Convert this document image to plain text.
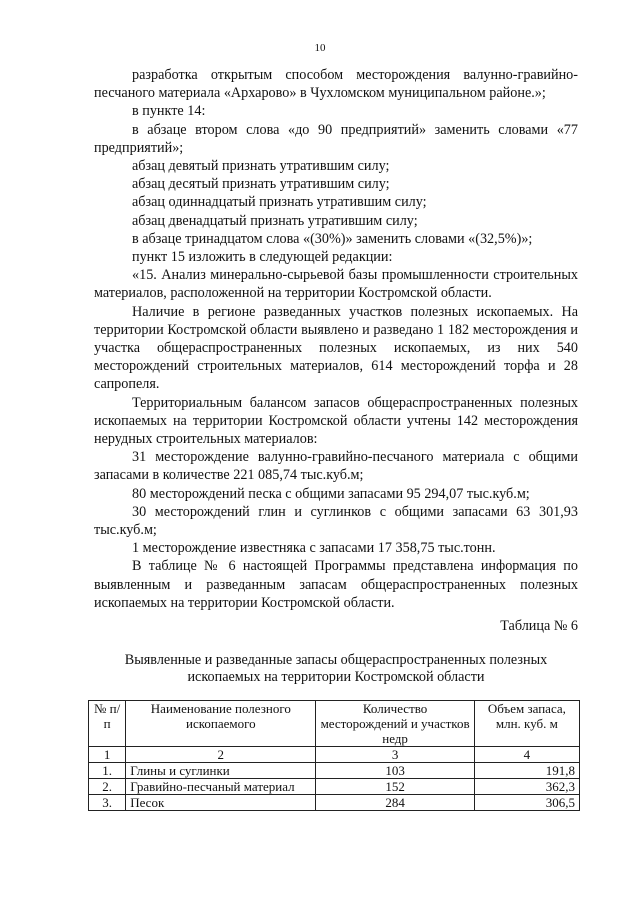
10

разработка открытым способом месторождения валунно-гравийно-песчаного материала «Архарово» в Чухломском муниципальном районе.»;

в пункте 14:

в абзаце втором слова «до 90 предприятий» заменить словами «77 предприятий»;

абзац девятый признать утратившим силу;

абзац десятый признать утратившим силу;

абзац одиннадцатый признать утратившим силу;

абзац двенадцатый признать утратившим силу;

в абзаце тринадцатом слова «(30%)» заменить словами «(32,5%)»;

пункт 15 изложить в следующей редакции:

«15. Анализ минерально-сырьевой базы промышленности строительных материалов, расположенной на территории Костромской области.

Наличие в регионе разведанных участков полезных ископаемых. На территории Костромской области выявлено и разведано 1 182 месторождения и участка общераспространенных полезных ископаемых, из них 540 месторождений строительных материалов, 614 месторождений торфа и 28 сапропеля.

Территориальным балансом запасов общераспространенных полезных ископаемых на территории Костромской области учтены 142 месторождения нерудных строительных материалов:

31 месторождение валунно-гравийно-песчаного материала с общими запасами в количестве 221 085,74 тыс.куб.м;

80 месторождений песка с общими запасами 95 294,07 тыс.куб.м;

30 месторождений глин и суглинков с общими запасами 63 301,93 тыс.куб.м;

1 месторождение известняка с запасами 17 358,75 тыс.тонн.

В таблице № 6 настоящей Программы представлена информация по выявленным и разведанным запасам общераспространенных полезных ископаемых на территории Костромской области.

Таблица № 6
Выявленные и разведанные запасы общераспространенных полезных ископаемых на территории Костромской области
№ п/п	Наименование полезного ископаемого	Количество месторождений и участков недр	Объем запаса, млн. куб. м
1	2	3	4
1.	Глины и суглинки	103	191,8
2.	Гравийно-песчаный материал	152	362,3
3.	Песок	284	306,5
